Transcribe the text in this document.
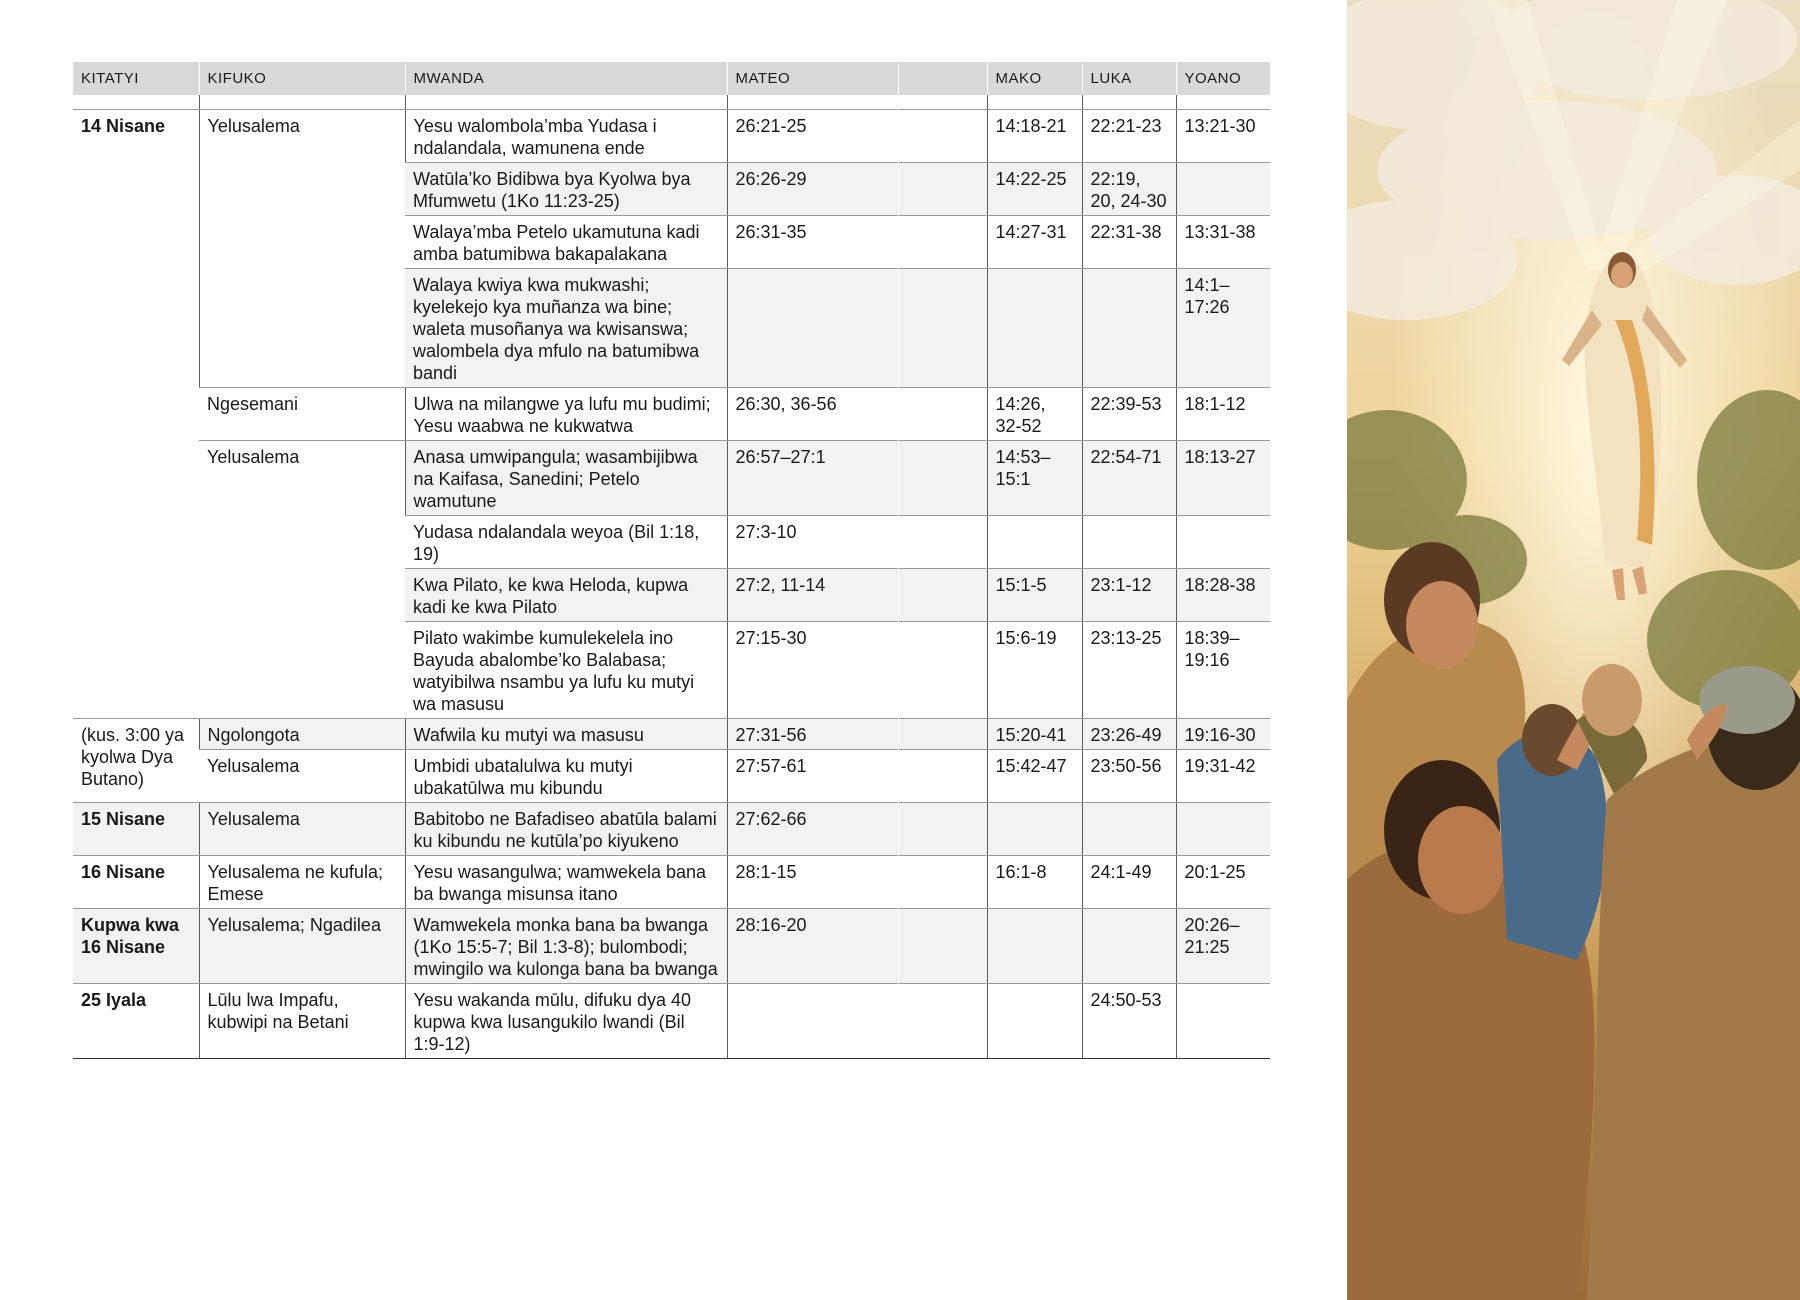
KITATYI	KIFUKO	MWANDA	MATEO	MAKO	LUKA	YOANO

14 Nisane	Yelusalema	Yesu walombola’mba Yudasa i ndalandala, wamunena ende	26:21-25	14:18-21	22:21-23	13:21-30
		Watūla’ko Bidibwa bya Kyolwa bya Mfumwetu (1Ko 11:23-25)	26:26-29	14:22-25	22:19, 20, 24-30	
		Walaya’mba Petelo ukamutuna kadi amba batumibwa bakapalakana	26:31-35	14:27-31	22:31-38	13:31-38
		Walaya kwiya kwa mukwashi; kyelekejo kya muñanza wa bine; waleta musoñanya wa kwisanswa; walombela dya mfulo na batumibwa bandi				14:1–17:26
	Ngesemani	Ulwa na milangwe ya lufu mu budimi; Yesu waabwa ne kukwatwa	26:30, 36-56	14:26, 32-52	22:39-53	18:1-12
	Yelusalema	Anasa umwipangula; wasambijibwa na Kaifasa, Sanedini; Petelo wamutune	26:57–27:1	14:53–15:1	22:54-71	18:13-27
		Yudasa ndalandala weyoa (Bil 1:18, 19)	27:3-10			
		Kwa Pilato, ke kwa Heloda, kupwa kadi ke kwa Pilato	27:2, 11-14	15:1-5	23:1-12	18:28-38
		Pilato wakimbe kumulekelela ino Bayuda abalombe’ko Balabasa; watyibilwa nsambu ya lufu ku mutyi wa masusu	27:15-30	15:6-19	23:13-25	18:39–19:16
(kus. 3:00 ya kyolwa Dya Butano)	Ngolongota	Wafwila ku mutyi wa masusu	27:31-56	15:20-41	23:26-49	19:16-30
	Yelusalema	Umbidi ubatalulwa ku mutyi ubakatūlwa mu kibundu	27:57-61	15:42-47	23:50-56	19:31-42
15 Nisane	Yelusalema	Babitobo ne Bafadiseo abatūla balami ku kibundu ne kutūla’po kiyukeno	27:62-66			
16 Nisane	Yelusalema ne kufula; Emese	Yesu wasangulwa; wamwekela bana ba bwanga misunsa itano	28:1-15	16:1-8	24:1-49	20:1-25
Kupwa kwa 16 Nisane	Yelusalema; Ngadilea	Wamwekela monka bana ba bwanga (1Ko 15:5-7; Bil 1:3-8); bulombodi; mwingilo wa kulonga bana ba bwanga	28:16-20			20:26–21:25
25 Iyala	Lūlu lwa Impafu, kubwipi na Betani	Yesu wakanda mūlu, difuku dya 40 kupwa kwa lusangukilo lwandi (Bil 1:9-12)			24:50-53	
